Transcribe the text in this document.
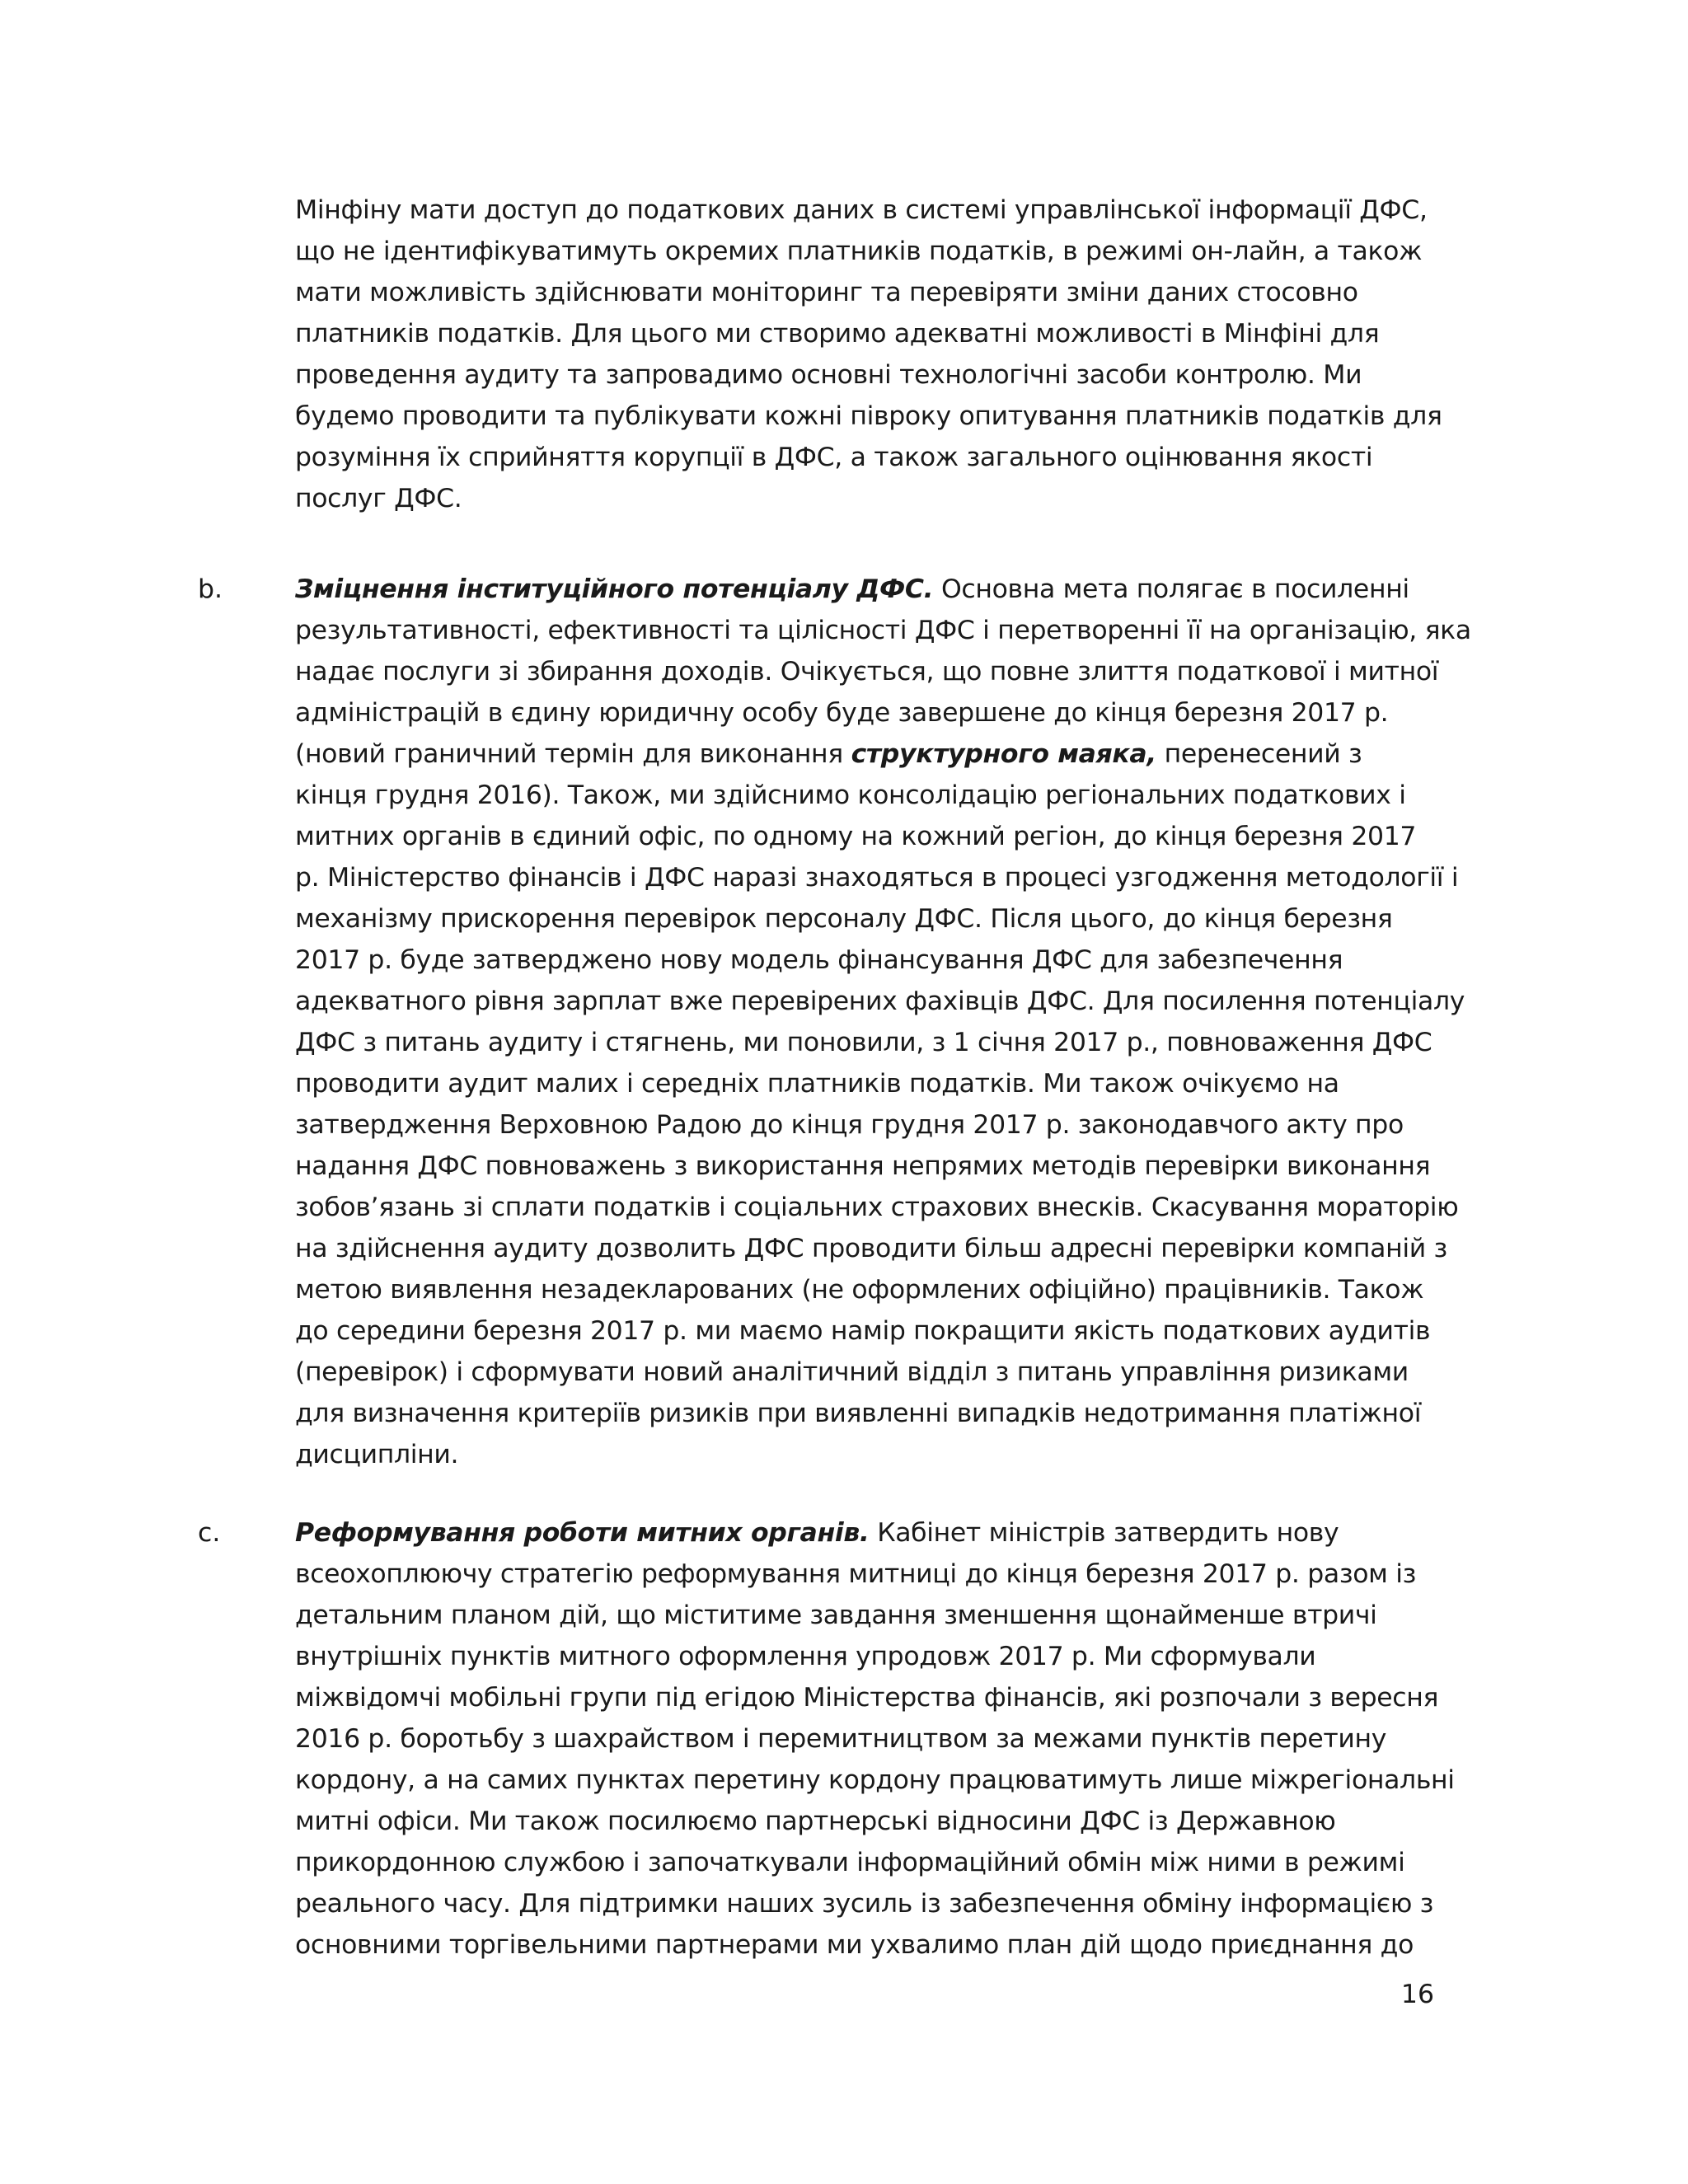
Мінфіну мати доступ до податкових даних в системі управлінської інформації ДФС,
що не ідентифікуватимуть окремих платників податків, в режимі он-лайн, а також
мати можливість здійснювати моніторинг та перевіряти зміни даних стосовно
платників податків. Для цього ми створимо адекватні можливості в Мінфіні для
проведення аудиту та запровадимо основні технологічні засоби контролю. Ми
будемо проводити та публікувати кожні півроку опитування платників податків для
розуміння їх сприйняття корупції в ДФС, а також загального оцінювання якості
послуг ДФС.
b.	Зміцнення інституційного потенціалу ДФС. Основна мета полягає в посиленні
результативності, ефективності та цілісності ДФС і перетворенні її на організацію, яка
надає послуги зі збирання доходів. Очікується, що повне злиття податкової і митної
адміністрацій в єдину юридичну особу буде завершене до кінця березня 2017 р.
(новий граничний термін для виконання структурного маяка, перенесений з
кінця грудня 2016). Також, ми здійснимо консолідацію регіональних податкових і
митних органів в єдиний офіс, по одному на кожний регіон, до кінця березня 2017
р. Міністерство фінансів і ДФС наразі знаходяться в процесі узгодження методології і
механізму прискорення перевірок персоналу ДФС. Після цього, до кінця березня
2017 р. буде затверджено нову модель фінансування ДФС для забезпечення
адекватного рівня зарплат вже перевірених фахівців ДФС. Для посилення потенціалу
ДФС з питань аудиту і стягнень, ми поновили, з 1 січня 2017 р., повноваження ДФС
проводити аудит малих і середніх платників податків. Ми також очікуємо на
затвердження Верховною Радою до кінця грудня 2017 р. законодавчого акту про
надання ДФС повноважень з використання непрямих методів перевірки виконання
зобов’язань зі сплати податків і соціальних страхових внесків. Скасування мораторію
на здійснення аудиту дозволить ДФС проводити більш адресні перевірки компаній з
метою виявлення незадекларованих (не оформлених офіційно) працівників. Також
до середини березня 2017 р. ми маємо намір покращити якість податкових аудитів
(перевірок) і сформувати новий аналітичний відділ з питань управління ризиками
для визначення критеріїв ризиків при виявленні випадків недотримання платіжної
дисципліни.
c.	Реформування роботи митних органів. Кабінет міністрів затвердить нову
всеохоплюючу стратегію реформування митниці до кінця березня 2017 р. разом із
детальним планом дій, що міститиме завдання зменшення щонайменше втричі
внутрішніх пунктів митного оформлення упродовж 2017 р. Ми сформували
міжвідомчі мобільні групи під егідою Міністерства фінансів, які розпочали з вересня
2016 р. боротьбу з шахрайством і перемитництвом за межами пунктів перетину
кордону, а на самих пунктах перетину кордону працюватимуть лише міжрегіональні
митні офіси. Ми також посилюємо партнерські відносини ДФС із Державною
прикордонною службою і започаткували інформаційний обмін між ними в режимі
реального часу. Для підтримки наших зусиль із забезпечення обміну інформацією з
основними торгівельними партнерами ми ухвалимо план дій щодо приєднання до
16
